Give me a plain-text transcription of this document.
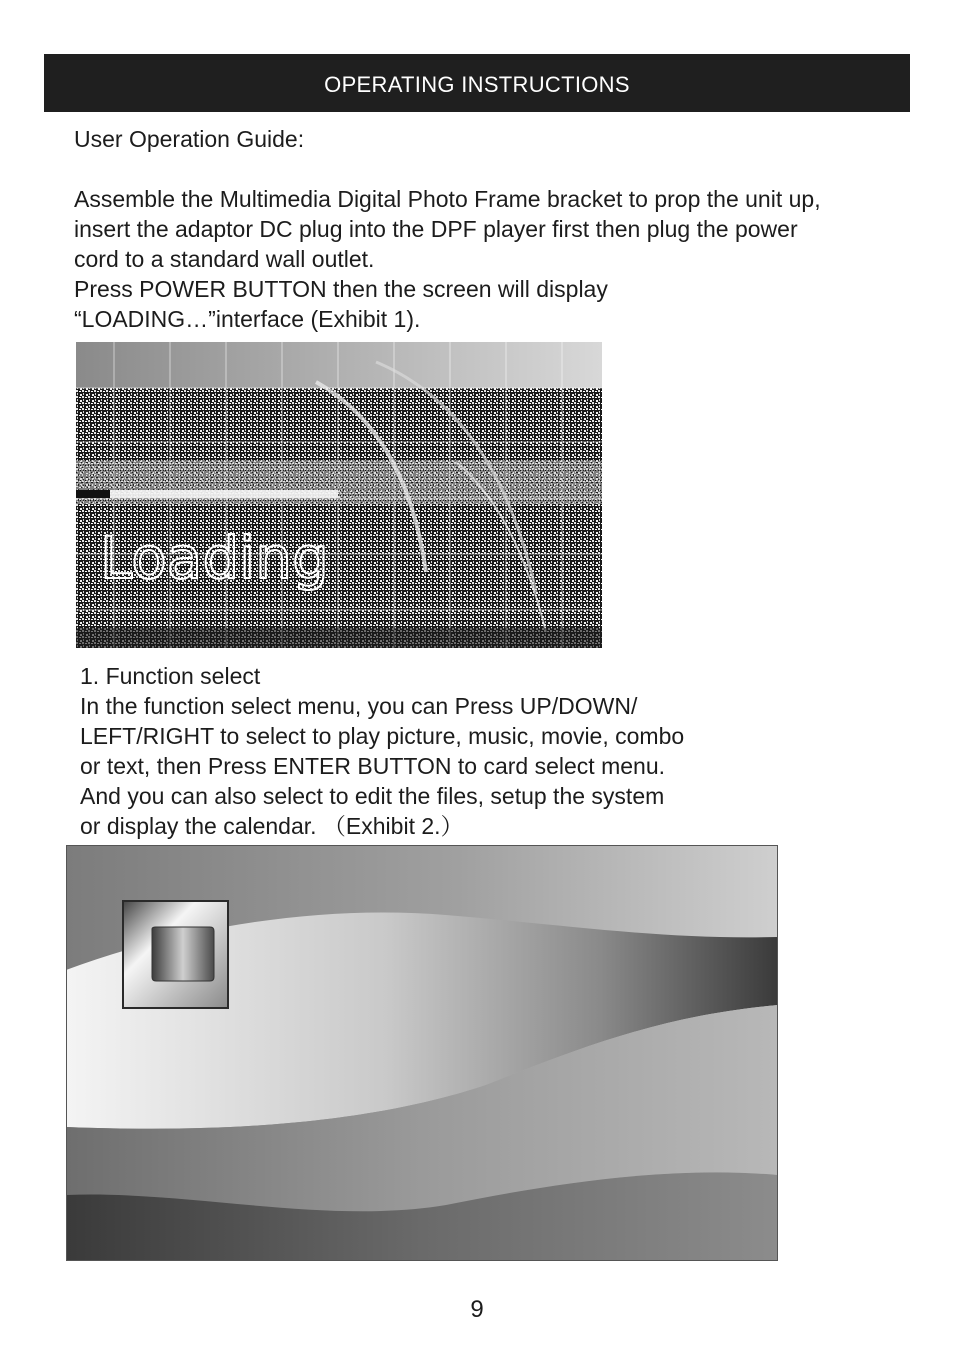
OPERATING INSTRUCTIONS
User Operation Guide:

Assemble the Multimedia Digital Photo Frame bracket to prop the unit up,

insert the adaptor DC plug into the DPF player first then plug the power

cord to a standard wall outlet.

Press POWER BUTTON then the screen will display

“LOADING…”interface (Exhibit 1).

Loading

1. Function select

In the function select menu, you can Press UP/DOWN/

LEFT/RIGHT to select to play picture, music, movie, combo

or text, then Press ENTER BUTTON to card select menu.

And you can also select to edit the files, setup the system

or display the calendar. （Exhibit 2.）

9
